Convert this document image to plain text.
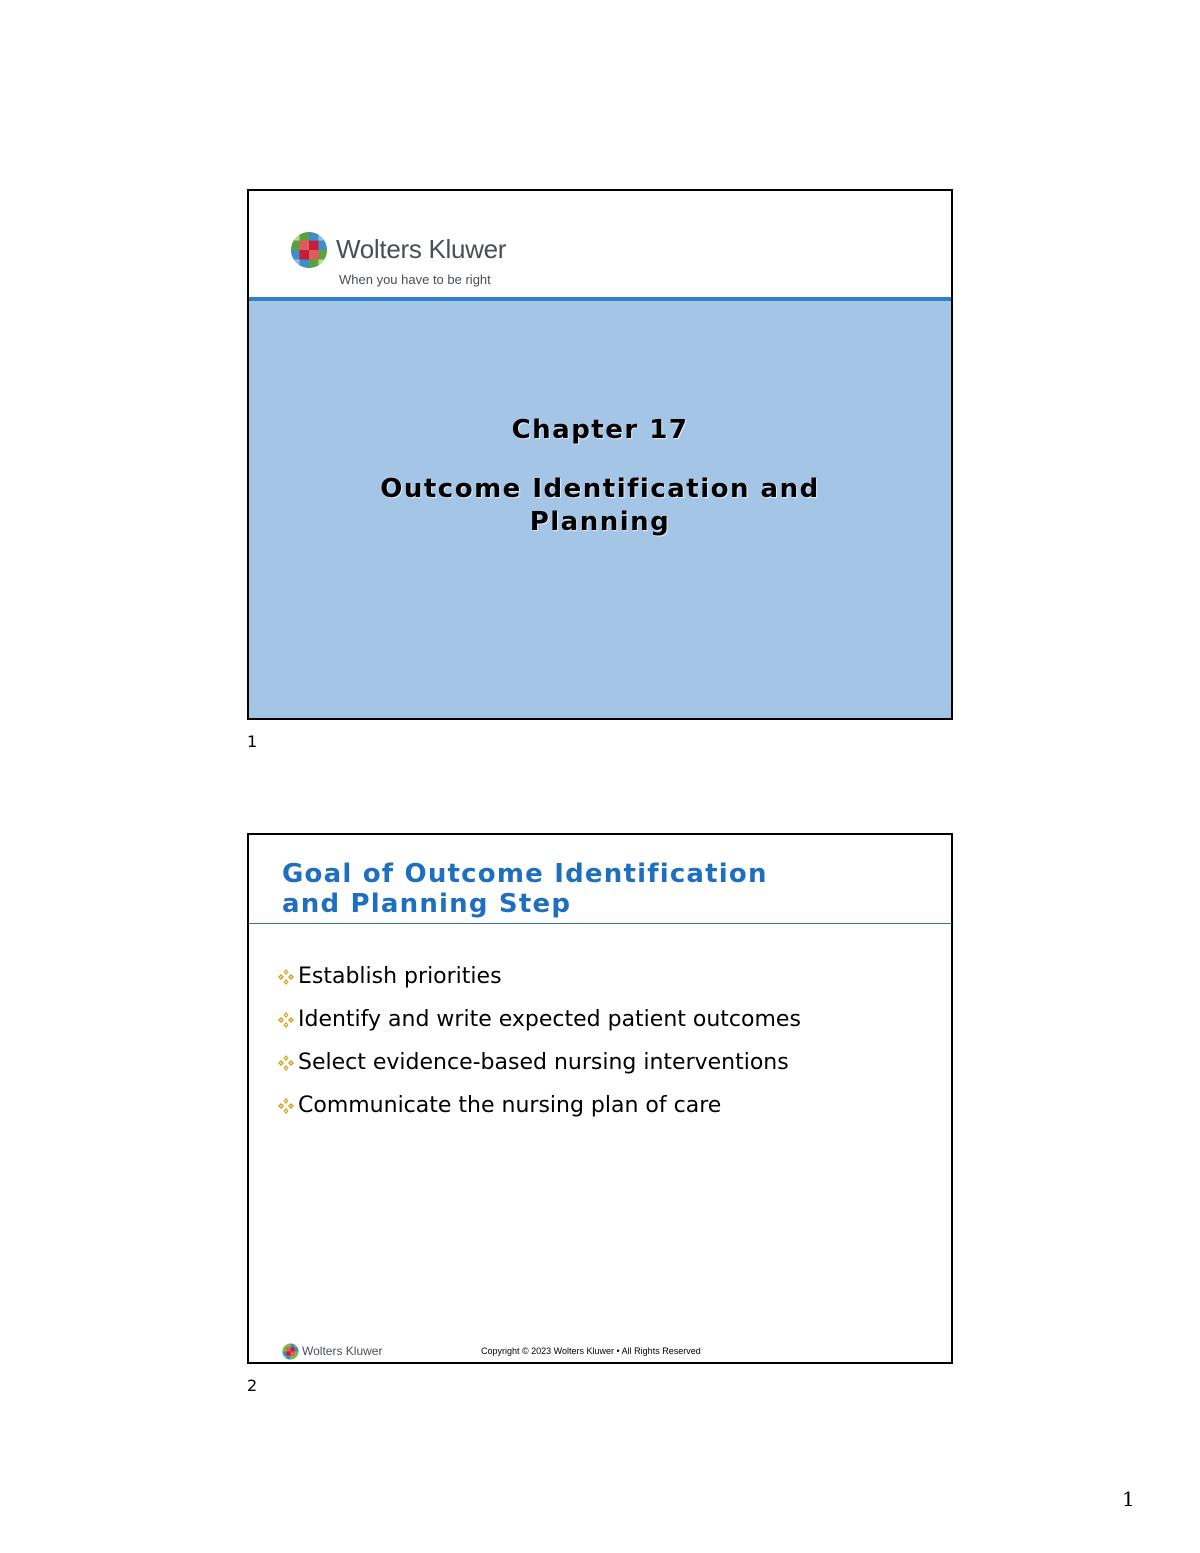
Wolters Kluwer
When you have to be right
Chapter 17
Outcome Identification and
Planning
1
Goal of Outcome Identification
and Planning Step
Establish priorities
Identify and write expected patient outcomes
Select evidence-based nursing interventions
Communicate the nursing plan of care
Wolters Kluwer	Copyright © 2023 Wolters Kluwer • All Rights Reserved
2
1
